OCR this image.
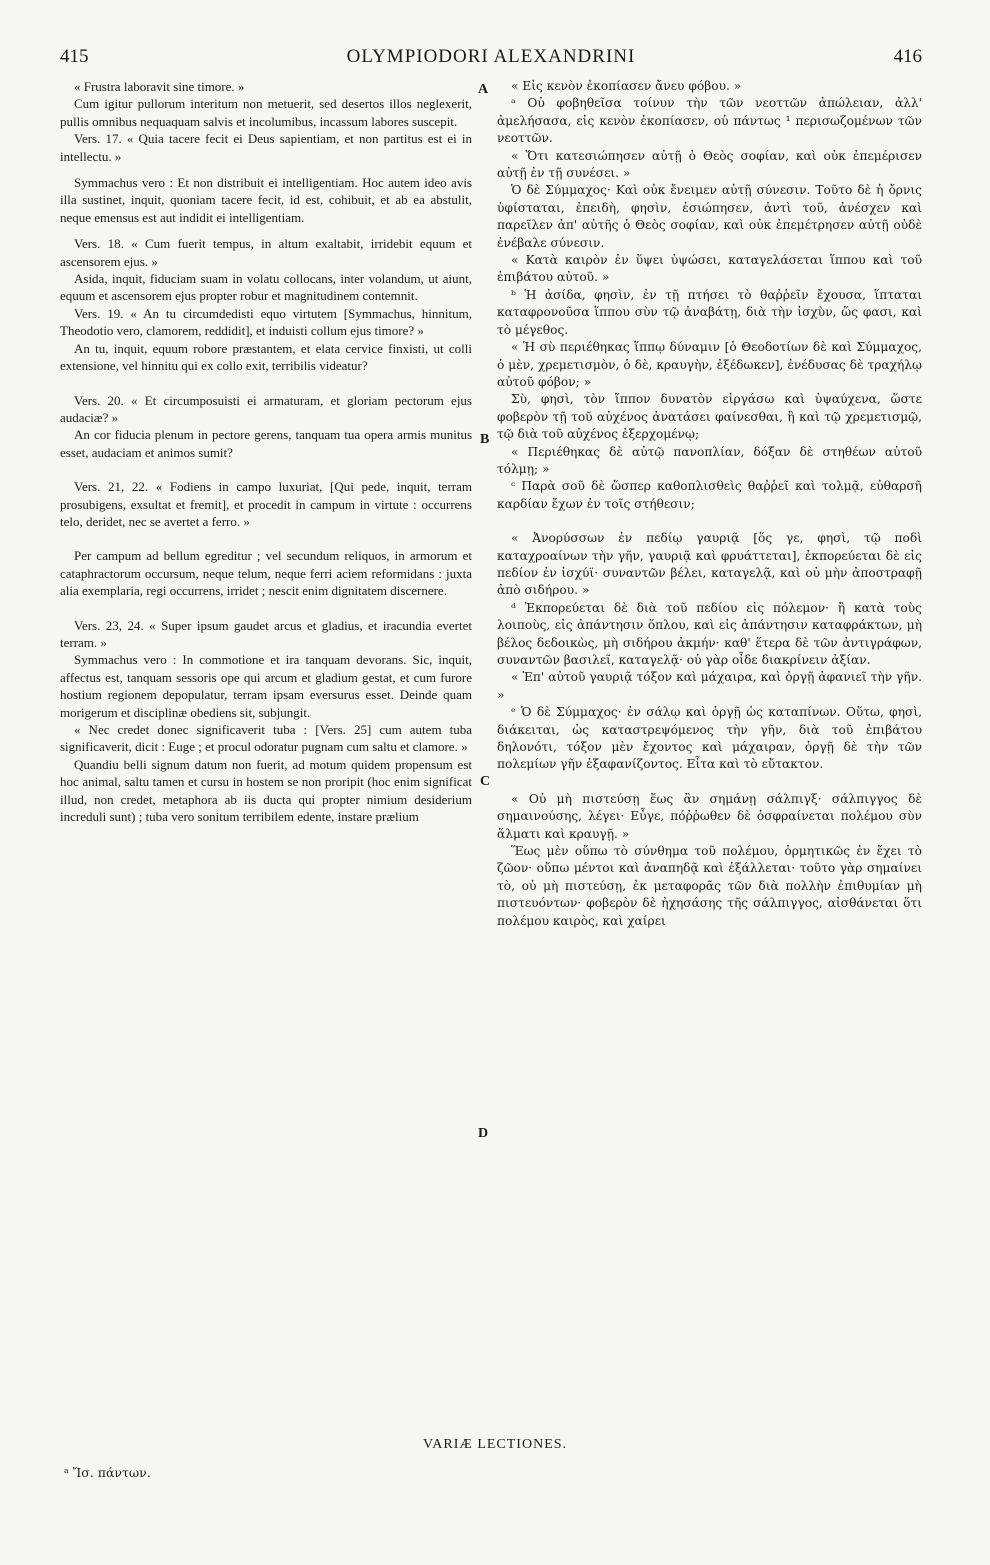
415	OLYMPIODORI ALEXANDRINI	416
A
B
C
D

« Frustra laboravit sine timore. »

Cum igitur pullorum interitum non metuerit, sed desertos illos neglexerit, pullis omnibus nequaquam salvis et incolumibus, incassum labores suscepit.

Vers. 17. « Quia tacere fecit ei Deus sapientiam, et non partitus est ei in intellectu. »

Symmachus vero : Et non distribuit ei intelligentiam. Hoc autem ideo avis illa sustinet, inquit, quoniam tacere fecit, id est, cohibuit, et ab ea abstulit, neque emensus est aut indidit ei intelligentiam.

Vers. 18. « Cum fuerit tempus, in altum exaltabit, irridebit equum et ascensorem ejus. »

Asida, inquit, fiduciam suam in volatu collocans, inter volandum, ut aiunt, equum et ascensorem ejus propter robur et magnitudinem contemnit.

Vers. 19. « An tu circumdedisti equo virtutem [Symmachus, hinnitum, Theodotio vero, clamorem, reddidit], et induisti collum ejus timore? »

An tu, inquit, equum robore præstantem, et elata cervice finxisti, ut colli extensione, vel hinnitu qui ex collo exit, terribilis videatur?

Vers. 20. « Et circumposuisti ei armaturam, et gloriam pectorum ejus audaciæ? »

An cor fiducia plenum in pectore gerens, tanquam tua opera armis munitus esset, audaciam et animos sumit?

Vers. 21, 22. « Fodiens in campo luxuriat, [Qui pede, inquit, terram prosubigens, exsultat et fremit], et procedit in campum in virtute : occurrens telo, deridet, nec se avertet a ferro. »

Per campum ad bellum egreditur ; vel secundum reliquos, in armorum et cataphractorum occursum, neque telum, neque ferri aciem reformidans : juxta alia exemplaria, regi occurrens, irridet ; nescit enim dignitatem discernere.

Vers. 23, 24. « Super ipsum gaudet arcus et gladius, et iracundia evertet terram. »

Symmachus vero : In commotione et ira tanquam devorans. Sic, inquit, affectus est, tanquam sessoris ope qui arcum et gladium gestat, et cum furore hostium regionem depopulatur, terram ipsam eversurus esset. Deinde quam morigerum et disciplinæ obediens sit, subjungit.

« Nec credet donec significaverit tuba : [Vers. 25] cum autem tuba significaverit, dicit : Euge ; et procul odoratur pugnam cum saltu et clamore. »

Quandiu belli signum datum non fuerit, ad motum quidem propensum est hoc animal, saltu tamen et cursu in hostem se non proripit (hoc enim significat illud, non credet, metaphora ab iis ducta qui propter nimium desiderium increduli sunt) ; tuba vero sonitum terribilem edente, instare prælium

« Εἰς κενὸν ἐκοπίασεν ἄνευ φόβου. »

ᵃ Οὐ φοβηθεῖσα τοίνυν τὴν τῶν νεοττῶν ἀπώλειαν, ἀλλ' ἀμελήσασα, εἰς κενὸν ἐκοπίασεν, οὐ πάντως ¹ περισωζομένων τῶν νεοττῶν.

« Ὅτι κατεσιώπησεν αὐτῇ ὁ Θεὸς σοφίαν, καὶ οὐκ ἐπεμέρισεν αὐτῇ ἐν τῇ συνέσει. »

Ὁ δὲ Σύμμαχος· Καὶ οὐκ ἔνειμεν αὐτῇ σύνεσιν. Τοῦτο δὲ ἡ ὄρνις ὑφίσταται, ἐπειδὴ, φησὶν, ἐσιώπησεν, ἀντὶ τοῦ, ἀνέσχεν καὶ παρεῖλεν ἀπ' αὐτῆς ὁ Θεὸς σοφίαν, καὶ οὐκ ἐπεμέτρησεν αὐτῇ οὐδὲ ἐνέβαλε σύνεσιν.

« Κατὰ καιρὸν ἐν ὕψει ὑψώσει, καταγελάσεται ἵππου καὶ τοῦ ἐπιβάτου αὐτοῦ. »

ᵇ Ἡ ἀσίδα, φησὶν, ἐν τῇ πτήσει τὸ θαῤῥεῖν ἔχουσα, ἵπταται καταφρονοῦσα ἵππου σὺν τῷ ἀναβάτῃ, διὰ τὴν ἰσχὺν, ὥς φασι, καὶ τὸ μέγεθος.

« Ἡ σὺ περιέθηκας ἵππῳ δύναμιν [ὁ Θεοδοτίων δὲ καὶ Σύμμαχος, ὁ μὲν, χρεμετισμὸν, ὁ δὲ, κραυγὴν, ἐξέδωκεν], ἐνέδυσας δὲ τραχήλῳ αὐτοῦ φόβον; »

Σὺ, φησὶ, τὸν ἵππον δυνατὸν εἰργάσω καὶ ὑψαύχενα, ὥστε φοβερὸν τῇ τοῦ αὐχένος ἀνατάσει φαίνεσθαι, ἢ καὶ τῷ χρεμετισμῷ, τῷ διὰ τοῦ αὐχένος ἐξερχομένῳ;

« Περιέθηκας δὲ αὐτῷ πανοπλίαν, δόξαν δὲ στηθέων αὐτοῦ τόλμῃ; »

ᶜ Παρὰ σοῦ δὲ ὥσπερ καθοπλισθεὶς θαῤῥεῖ καὶ τολμᾷ, εὐθαρσῆ καρδίαν ἔχων ἐν τοῖς στήθεσιν;

« Ἀνορύσσων ἐν πεδίῳ γαυριᾷ [ὅς γε, φησὶ, τῷ ποδὶ καταχροαίνων τὴν γῆν, γαυριᾷ καὶ φρυάττεται], ἐκπορεύεται δὲ εἰς πεδίον ἐν ἰσχύϊ· συναντῶν βέλει, καταγελᾷ, καὶ οὐ μὴν ἀποστραφῇ ἀπὸ σιδήρου. »

ᵈ Ἐκπορεύεται δὲ διὰ τοῦ πεδίου εἰς πόλεμον· ἢ κατὰ τοὺς λοιποὺς, εἰς ἀπάντησιν ὅπλου, καὶ εἰς ἀπάντησιν καταφράκτων, μὴ βέλος δεδοικὼς, μὴ σιδήρου ἀκμήν· καθ' ἕτερα δὲ τῶν ἀντιγράφων, συναντῶν βασιλεῖ, καταγελᾷ· οὐ γὰρ οἶδε διακρίνειν ἀξίαν.

« Ἐπ' αὐτοῦ γαυριᾷ τόξον καὶ μάχαιρα, καὶ ὀργῇ ἀφανιεῖ τὴν γῆν. »

ᵉ Ὁ δὲ Σύμμαχος· ἐν σάλῳ καὶ ὀργῇ ὡς καταπίνων. Οὕτω, φησὶ, διάκειται, ὡς καταστρεψόμενος τὴν γῆν, διὰ τοῦ ἐπιβάτου δηλονότι, τόξον μὲν ἔχοντος καὶ μάχαιραν, ὀργῇ δὲ τὴν τῶν πολεμίων γῆν ἐξαφανίζοντος. Εἶτα καὶ τὸ εὔτακτον.

« Οὐ μὴ πιστεύσῃ ἕως ἂν σημάνῃ σάλπιγξ· σάλπιγγος δὲ σημαινούσης, λέγει· Εὖγε, πόῤῥωθεν δὲ ὀσφραίνεται πολέμου σὺν ἅλματι καὶ κραυγῇ. »

Ἕως μὲν οὔπω τὸ σύνθημα τοῦ πολέμου, ὁρμητικῶς ἐν ἔχει τὸ ζῶον· οὔπω μέντοι καὶ ἀναπηδᾷ καὶ ἐξάλλεται· τοῦτο γὰρ σημαίνει τὸ, οὐ μὴ πιστεύσῃ, ἐκ μεταφορᾶς τῶν διὰ πολλὴν ἐπιθυμίαν μὴ πιστευόντων· φοβερὸν δὲ ἠχησάσης τῆς σάλπιγγος, αἰσθάνεται ὅτι πολέμου καιρὸς, καὶ χαίρει

VARIÆ LECTIONES.
ᵃ Ἴσ. πάντων.
